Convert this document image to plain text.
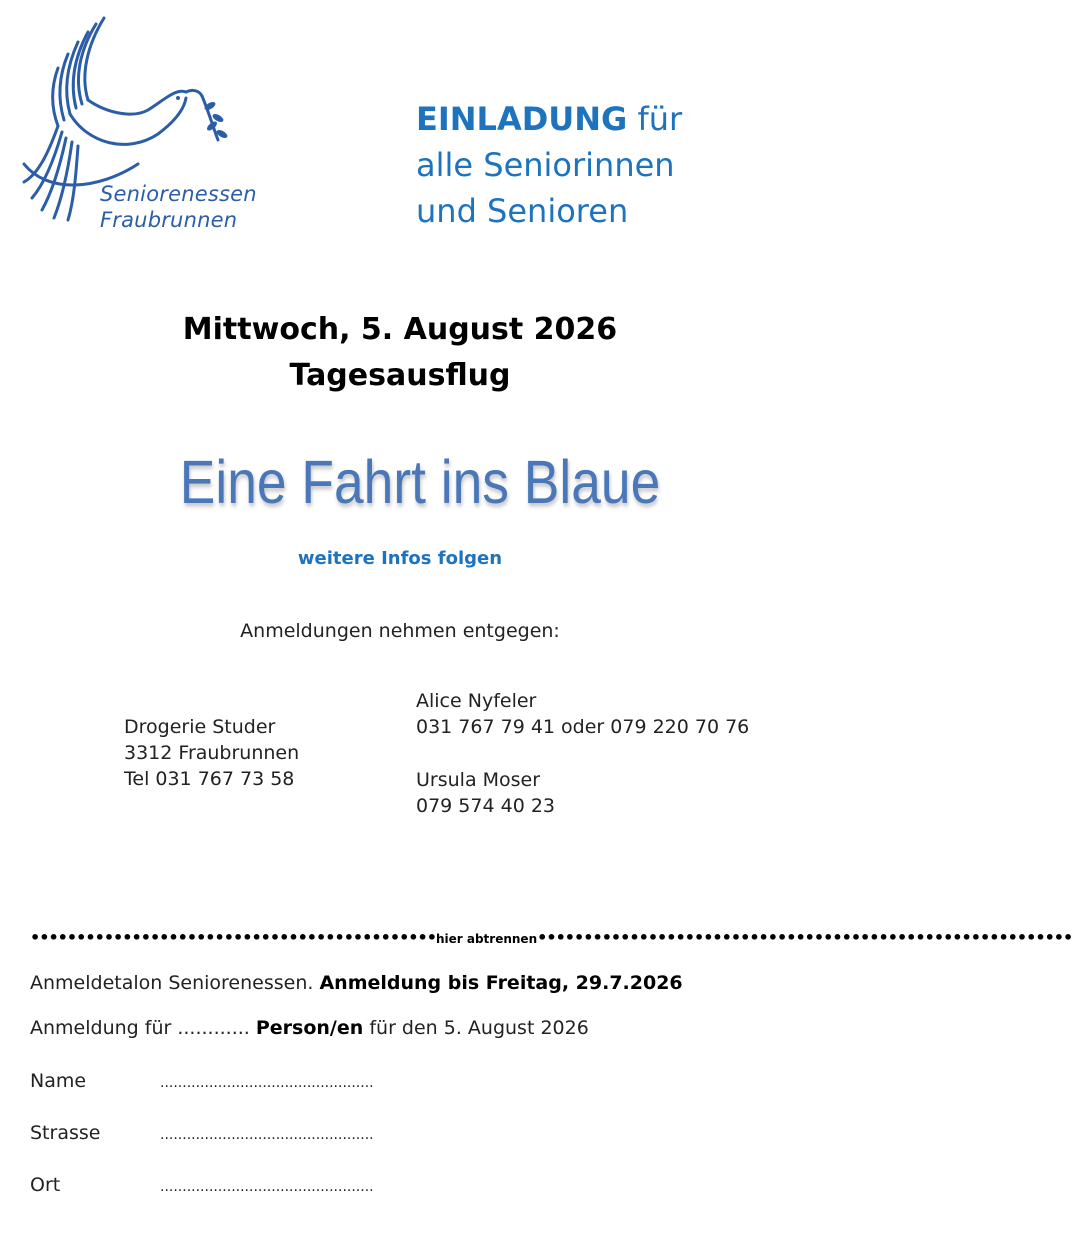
Seniorenessen
Fraubrunnen
EINLADUNG für
alle Seniorinnen
und Senioren
Mittwoch, 5. August 2026
Tagesausflug
Eine Fahrt ins Blaue
weitere Infos folgen
Anmeldungen nehmen entgegen:
Drogerie Studer
3312 Fraubrunnen
Tel 031 767 73 58
Alice Nyfeler
031 767 79 41 oder 079 220 70 76
Ursula Moser
079 574 40 23
••••••••••••••••••••••••••••••••••••••••••••hier abtrennen••••••••••••••••••••••••••••••••••••••••••••••••••••••••••
Anmeldetalon Seniorenessen. Anmeldung bis Freitag, 29.7.2026
Anmeldung für ............ Person/en für den 5. August 2026
Name	................................................
Strasse	................................................
Ort	................................................
